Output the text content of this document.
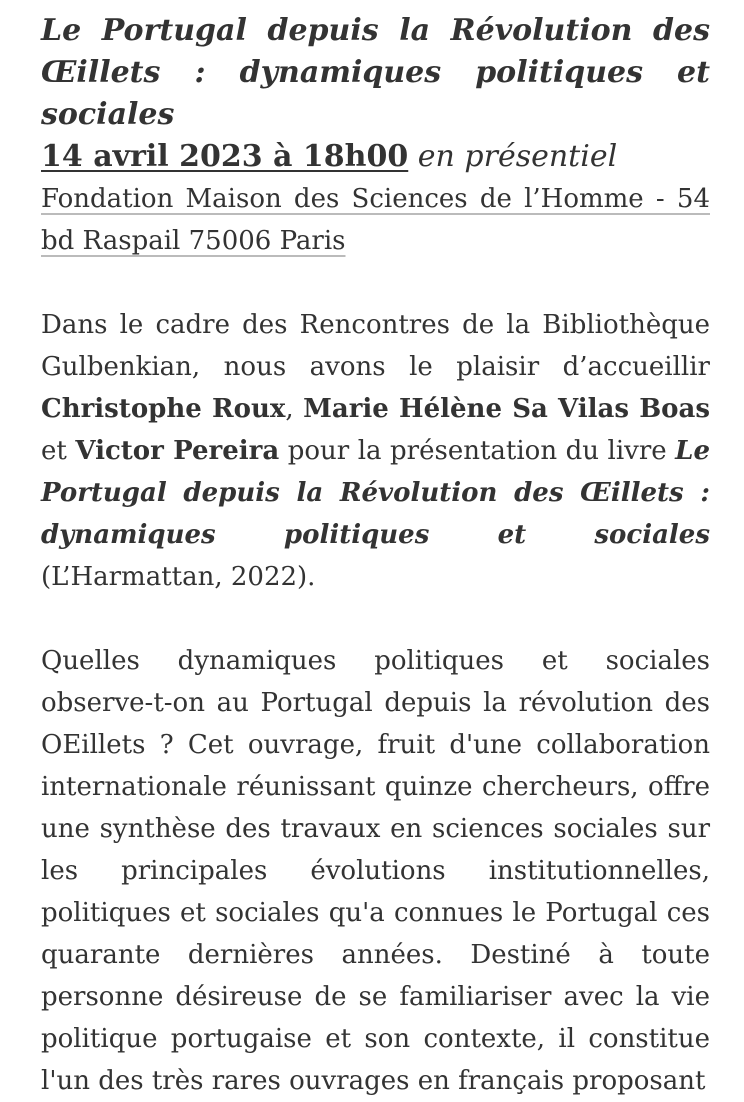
Le Portugal depuis la Révolution des Œillets : dynamiques politiques et sociales

14 avril 2023 à 18h00 en présentiel

Fondation Maison des Sciences de l’Homme - 54 bd Raspail 75006 Paris

Dans le cadre des Rencontres de la Bibliothèque Gulbenkian, nous avons le plaisir d’accueillir Christophe Roux, Marie Hélène Sa Vilas Boas et Victor Pereira pour la présentation du livre Le Portugal depuis la Révolution des Œillets : dynamiques politiques et sociales (L’Harmattan, 2022).

Quelles dynamiques politiques et sociales observe-t-on au Portugal depuis la révolution des OEillets ? Cet ouvrage, fruit d'une collaboration internationale réunissant quinze chercheurs, offre une synthèse des travaux en sciences sociales sur les principales évolutions institutionnelles, politiques et sociales qu'a connues le Portugal ces quarante dernières années. Destiné à toute personne désireuse de se familiariser avec la vie politique portugaise et son contexte, il constitue l'un des très rares ouvrages en français proposant
